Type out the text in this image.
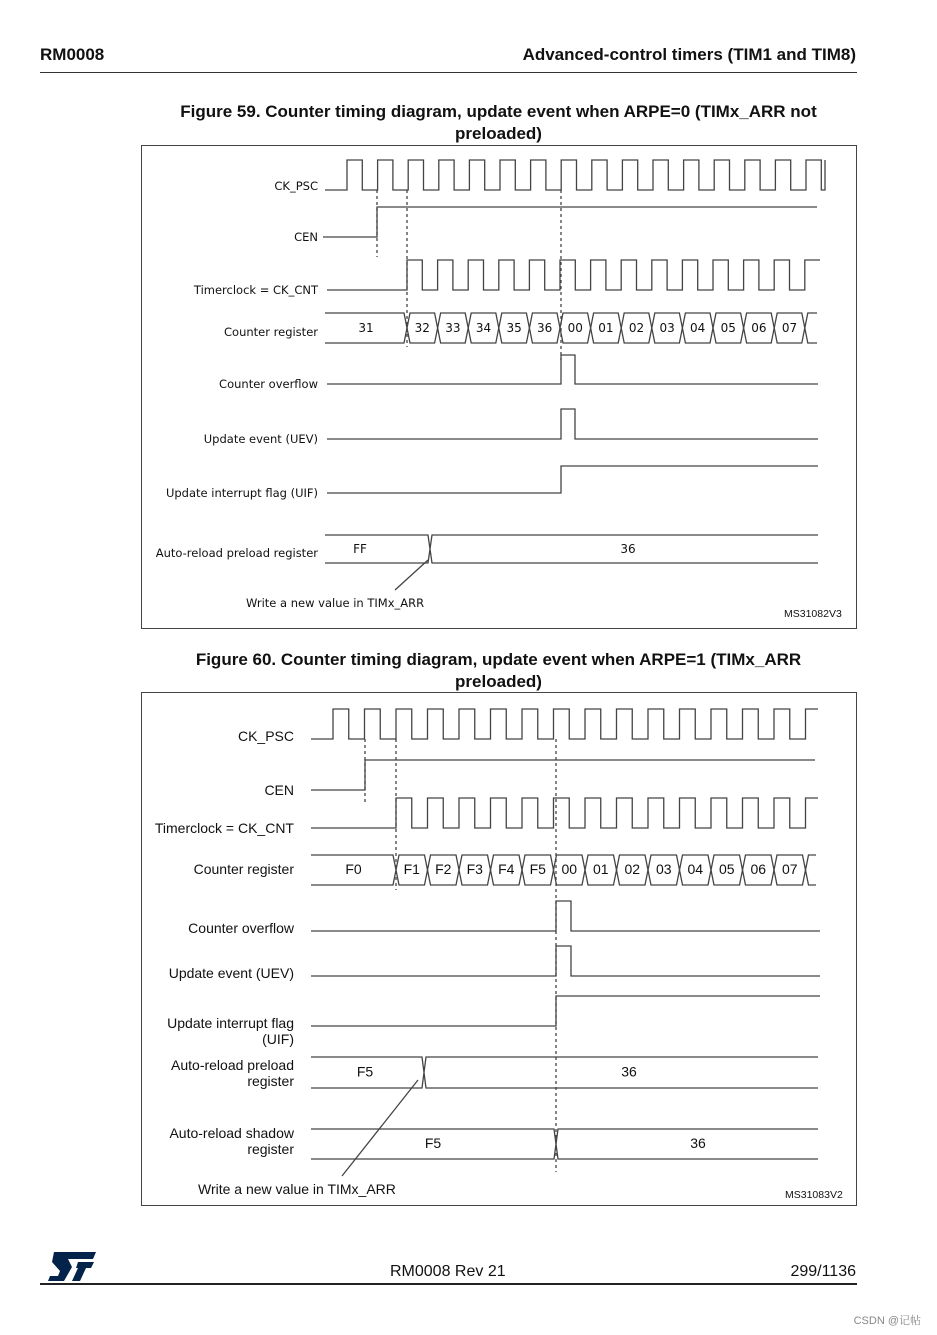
RM0008	Advanced-control timers (TIM1 and TIM8)
Figure 59. Counter timing diagram, update event when ARPE=0 (TIMx_ARR not preloaded)
CK_PSC
CEN
Timerclock = CK_CNT
Counter register
Counter overflow
Update event (UEV)
Update interrupt flag (UIF)
Auto-reload preload register
Write a new value in TIMx_ARR
MS31082V3
Figure 60. Counter timing diagram, update event when ARPE=1 (TIMx_ARR preloaded)
CK_PSC
CEN
Timerclock = CK_CNT
Counter register
Counter overflow
Update event (UEV)
Update interrupt flag
(UIF)
Auto-reload preload
register
Auto-reload shadow
register
Write a new value in TIMx_ARR	MS31083V2
31	32 33 34 35 36 00 01 02 03 04 05 06 07
FF	36
F0	F1 F2 F3 F4 F5 00 01 02 03 04 05 06 07
F5	36
F5	36
RM0008 Rev 21	299/1136
CSDN @记帖
